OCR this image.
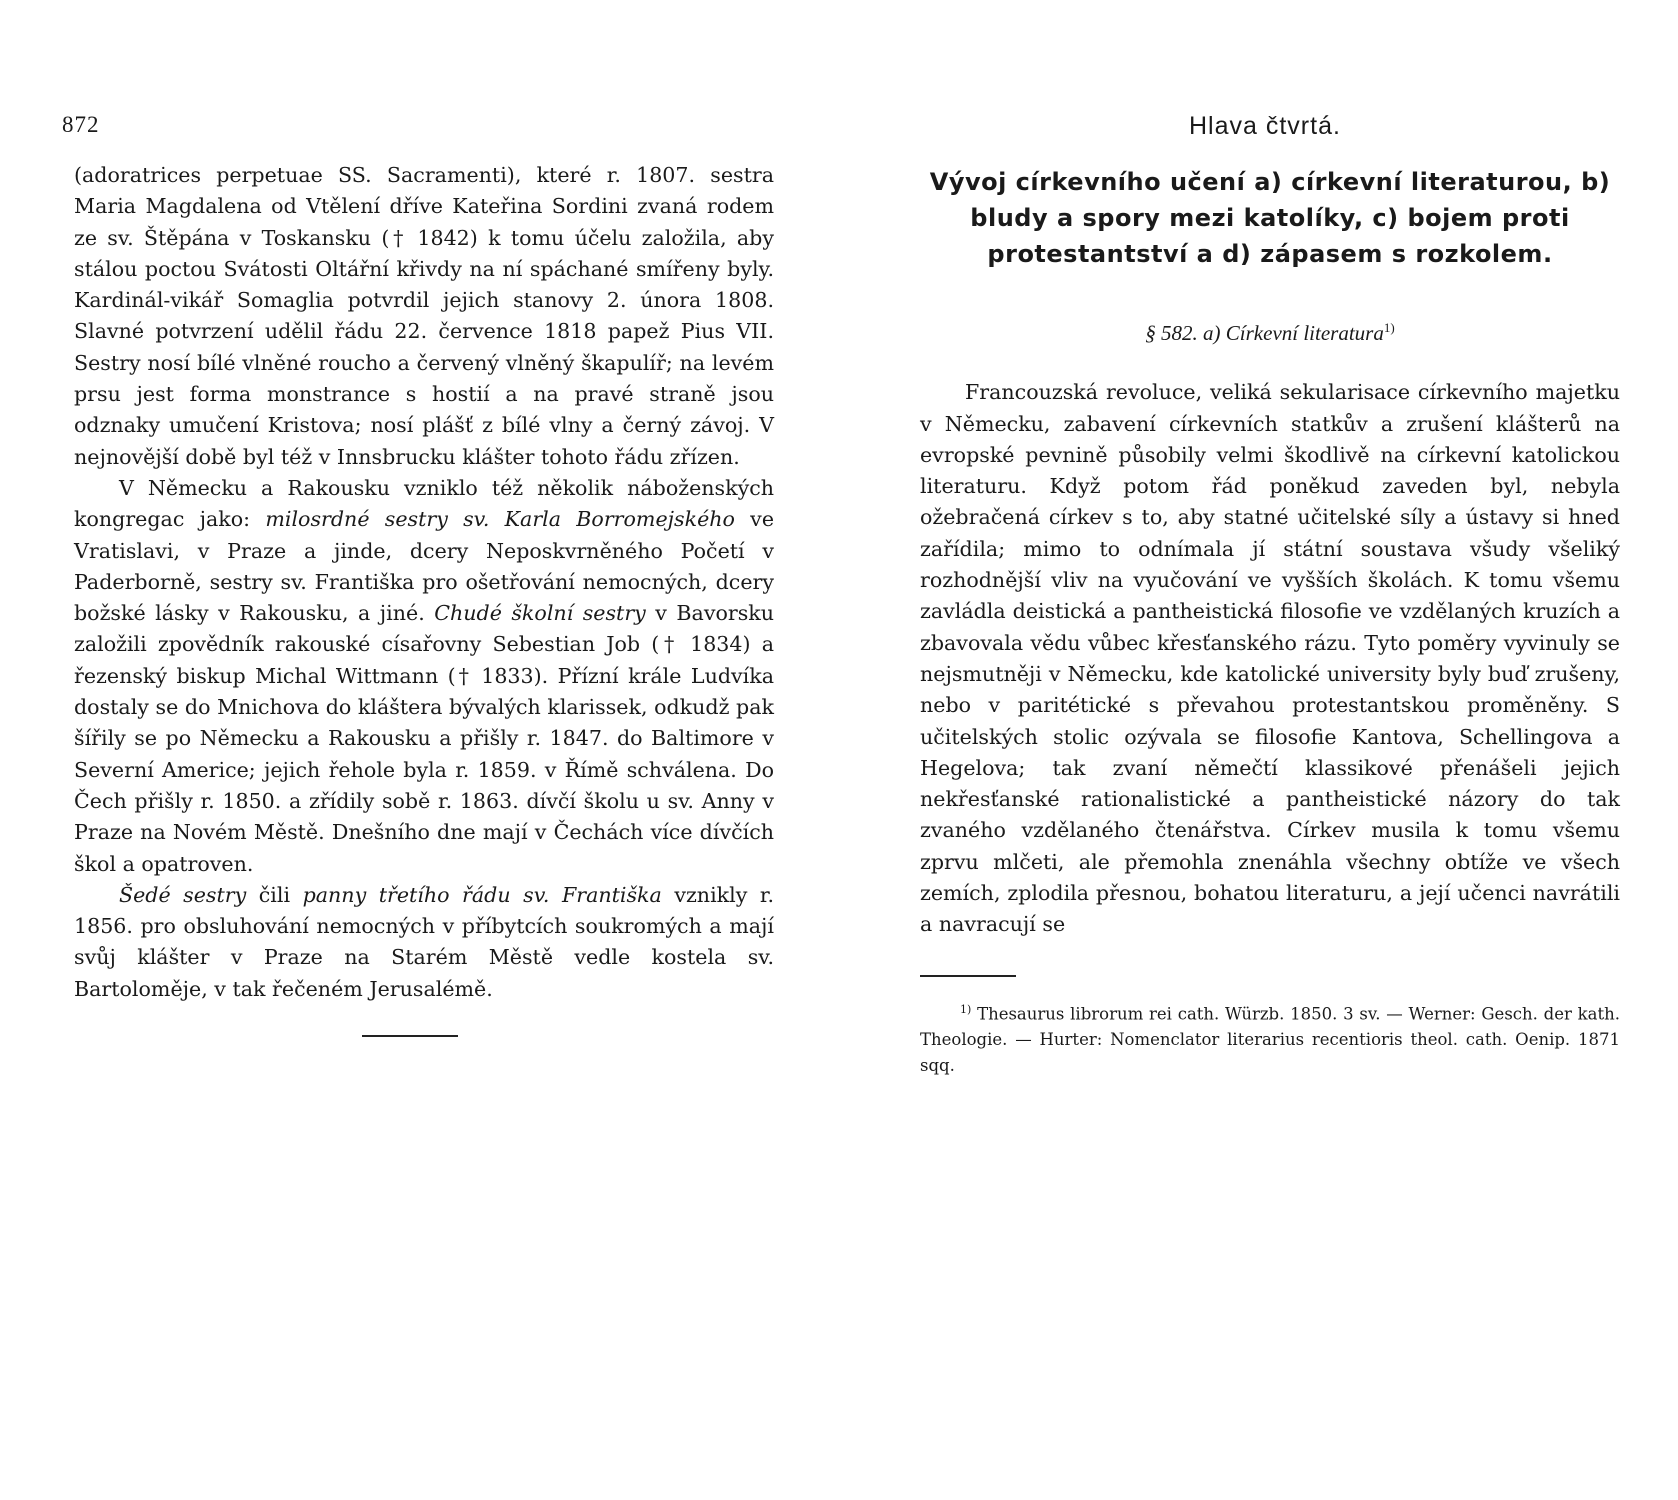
872	Hlava čtvrtá.

(adoratrices perpetuae SS. Sacramenti), které r. 1807. sestra Maria Magdalena od Vtělení dříve Kateřina Sordini zvaná rodem ze sv. Štěpána v Toskansku († 1842) k tomu účelu založila, aby stálou poctou Svátosti Oltářní křivdy na ní spáchané smířeny byly. Kardinál-vikář Somaglia potvrdil jejich stanovy 2. února 1808. Slavné potvrzení udělil řádu 22. července 1818 papež Pius VII. Sestry nosí bílé vlněné roucho a červený vlněný škapulíř; na levém prsu jest forma monstrance s hostií a na pravé straně jsou odznaky umučení Kristova; nosí plášť z bílé vlny a černý závoj. V nejnovější době byl též v Innsbrucku klášter tohoto řádu zřízen.

V Německu a Rakousku vzniklo též několik náboženských kongregac jako: milosrdné sestry sv. Karla Borromejského ve Vratislavi, v Praze a jinde, dcery Neposkvrněného Početí v Paderborně, sestry sv. Františka pro ošetřování nemocných, dcery božské lásky v Rakousku, a jiné. Chudé školní sestry v Bavorsku založili zpovědník rakouské císařovny Sebestian Job († 1834) a řezenský biskup Michal Wittmann († 1833). Přízní krále Ludvíka dostaly se do Mnichova do kláštera bývalých klarissek, odkudž pak šířily se po Německu a Rakousku a přišly r. 1847. do Baltimore v Severní Americe; jejich řehole byla r. 1859. v Římě schválena. Do Čech přišly r. 1850. a zřídily sobě r. 1863. dívčí školu u sv. Anny v Praze na Novém Městě. Dnešního dne mají v Čechách více dívčích škol a opatroven.

Šedé sestry čili panny třetího řádu sv. Františka vznikly r. 1856. pro obsluhování nemocných v příbytcích soukromých a mají svůj klášter v Praze na Starém Městě vedle kostela sv. Bartoloměje, v tak řečeném Jerusalémě.

Vývoj církevního učení a) církevní literaturou, b) bludy a spory mezi katolíky, c) bojem proti protestantství a d) zápasem s rozkolem.
§ 582. a) Církevní literatura$^{1)}$

Francouzská revoluce, veliká sekularisace církevního majetku v Německu, zabavení církevních statkův a zrušení klášterů na evropské pevnině působily velmi škodlivě na církevní katolickou literaturu. Když potom řád poněkud zaveden byl, nebyla ožebračená církev s to, aby statné učitelské síly a ústavy si hned zařídila; mimo to odnímala jí státní soustava všudy všeliký rozhodnější vliv na vyučování ve vyšších školách. K tomu všemu zavládla deistická a pantheistická filosofie ve vzdělaných kruzích a zbavovala vědu vůbec křesťanského rázu. Tyto poměry vyvinuly se nejsmutněji v Německu, kde katolické university byly buď zrušeny, nebo v paritétické s převahou protestantskou proměněny. S učitelských stolic ozývala se filosofie Kantova, Schellingova a Hegelova; tak zvaní němečtí klassikové přenášeli jejich nekřesťanské rationalistické a pantheistické názory do tak zvaného vzdělaného čtenářstva. Církev musila k tomu všemu zprvu mlčeti, ale přemohla znenáhla všechny obtíže ve všech zemích, zplodila přesnou, bohatou literaturu, a její učenci navrátili a navracují se

$^{1)}$ Thesaurus librorum rei cath. Würzb. 1850. 3 sv. — Werner: Gesch. der kath. Theologie. — Hurter: Nomenclator literarius recentioris theol. cath. Oenip. 1871 sqq.
